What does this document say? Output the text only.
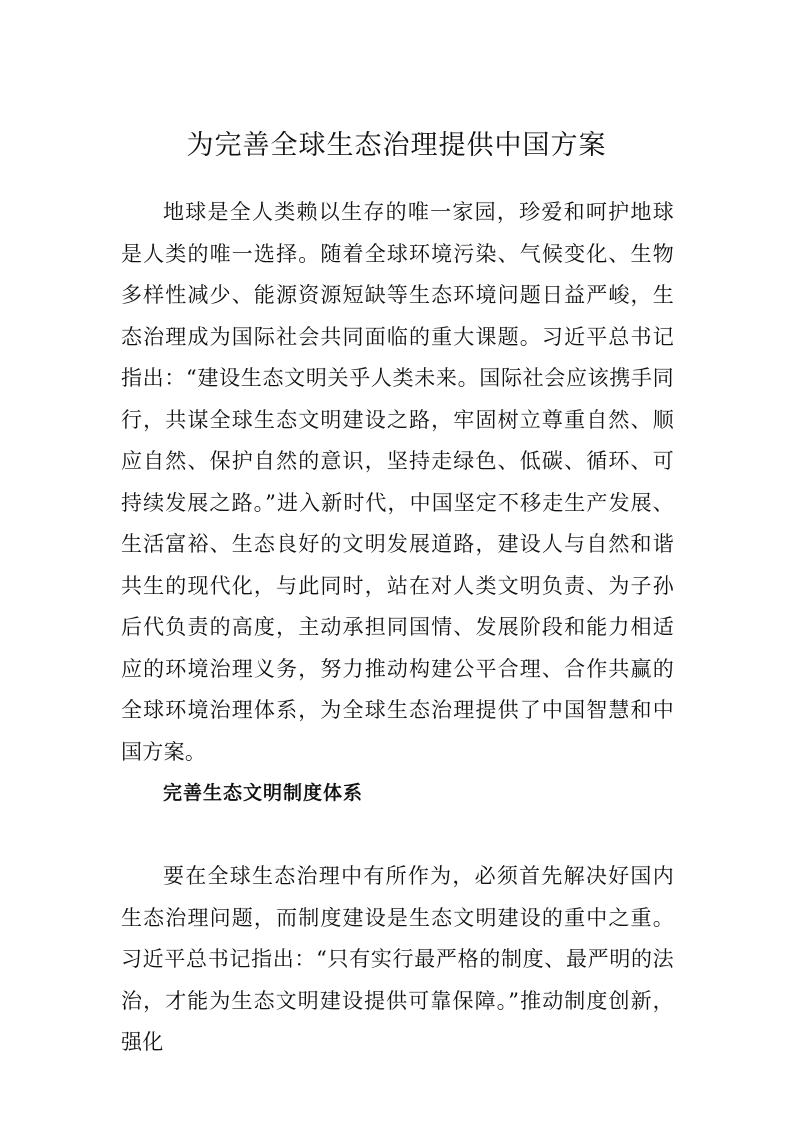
为完善全球生态治理提供中国方案

地球是全人类赖以生存的唯一家园，珍爱和呵护地球是人类的唯一选择。随着全球环境污染、气候变化、生物多样性减少、能源资源短缺等生态环境问题日益严峻，生态治理成为国际社会共同面临的重大课题。习近平总书记指出：“建设生态文明关乎人类未来。国际社会应该携手同行，共谋全球生态文明建设之路，牢固树立尊重自然、顺应自然、保护自然的意识，坚持走绿色、低碳、循环、可持续发展之路。”进入新时代，中国坚定不移走生产发展、生活富裕、生态良好的文明发展道路，建设人与自然和谐共生的现代化，与此同时，站在对人类文明负责、为子孙后代负责的高度，主动承担同国情、发展阶段和能力相适应的环境治理义务，努力推动构建公平合理、合作共赢的全球环境治理体系，为全球生态治理提供了中国智慧和中国方案。

完善生态文明制度体系

要在全球生态治理中有所作为，必须首先解决好国内生态治理问题，而制度建设是生态文明建设的重中之重。习近平总书记指出：“只有实行最严格的制度、最严明的法治，才能为生态文明建设提供可靠保障。”推动制度创新，强化
